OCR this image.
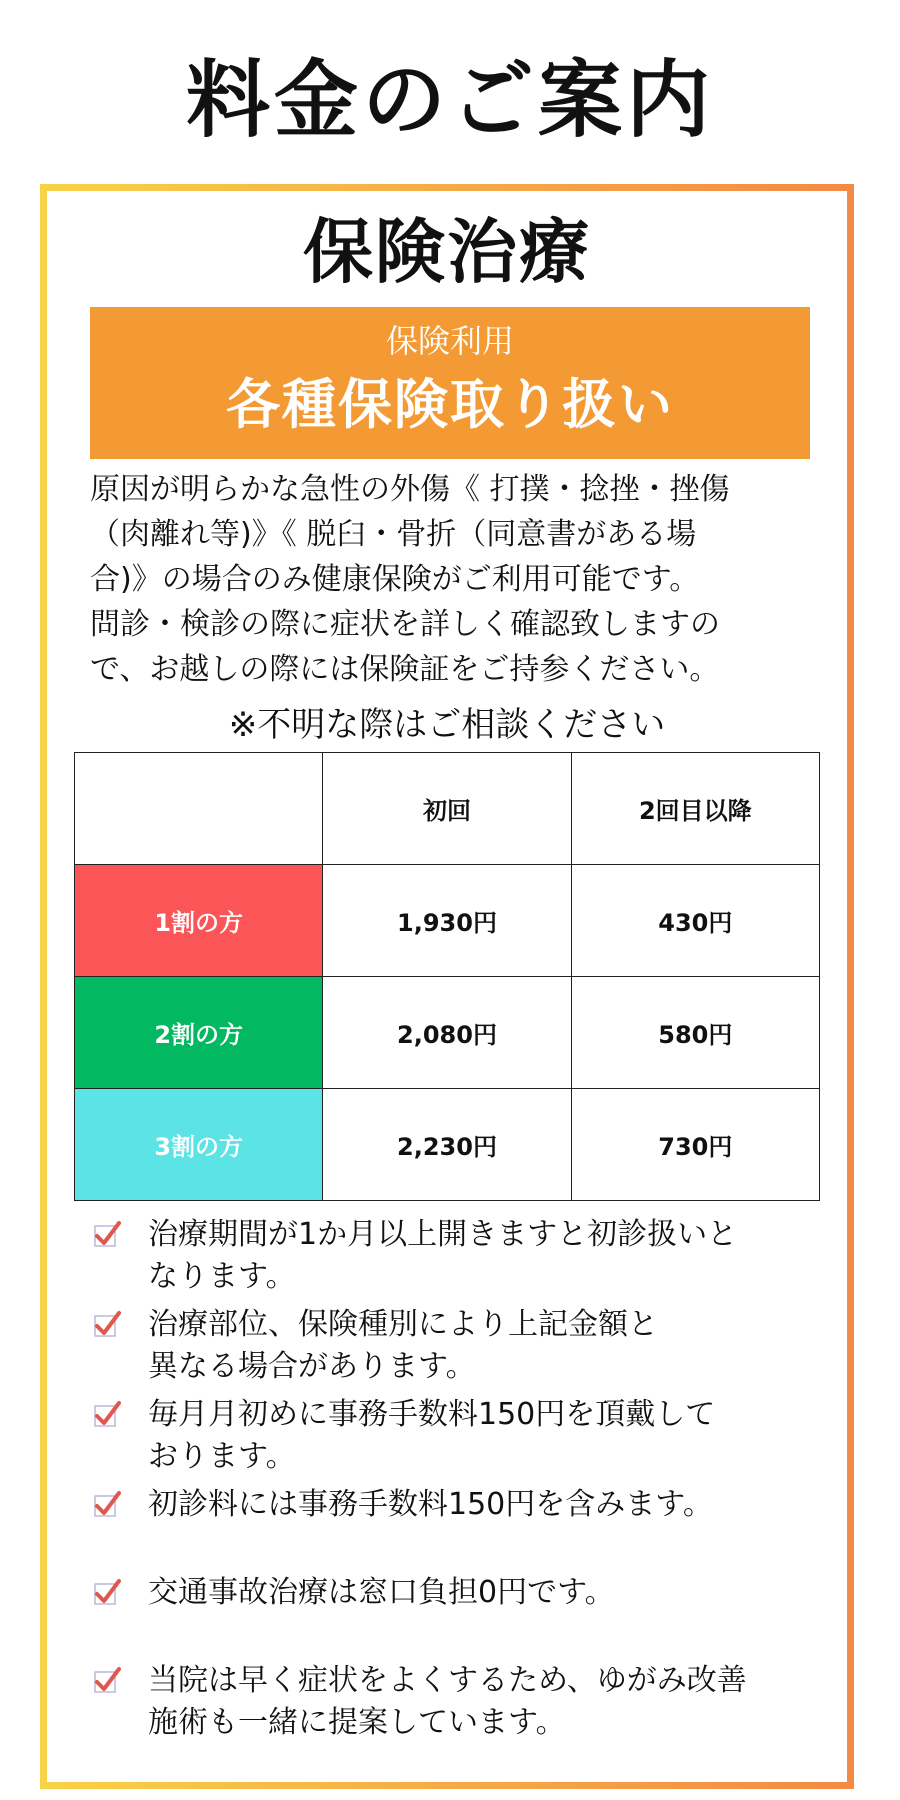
料金のご案内
保険治療
保険利用
各種保険取り扱い

原因が明らかな急性の外傷《 打撲・捻挫・挫傷

（肉離れ等)》《 脱臼・骨折（同意書がある場

合)》の場合のみ健康保険がご利用可能です。

問診・検診の際に症状を詳しく確認致しますの

で、お越しの際には保険証をご持参ください。

※不明な際はご相談ください
	初回	2回目以降
1割の方	1,930円	430円
2割の方	2,080円	580円
3割の方	2,230円	730円

治療期間が1か月以上開きますと初診扱いと

なります。

治療部位、保険種別により上記金額と

異なる場合があります。

毎月月初めに事務手数料150円を頂戴して

おります。

初診料には事務手数料150円を含みます。

交通事故治療は窓口負担0円です。

当院は早く症状をよくするため、ゆがみ改善

施術も一緒に提案しています。
